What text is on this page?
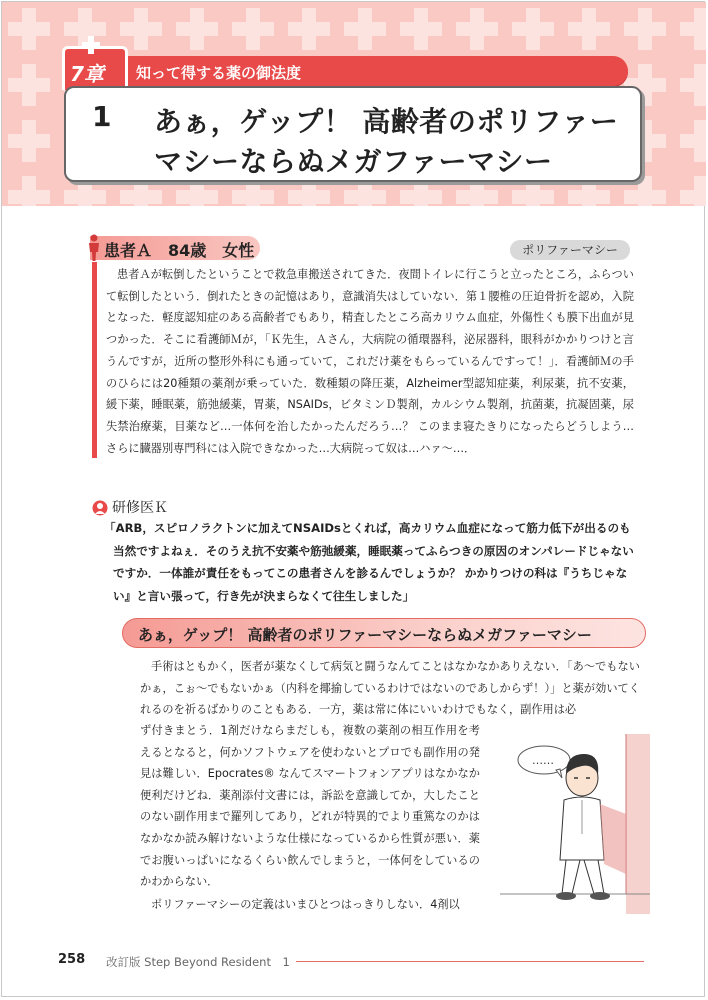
7章 知って得する薬の御法度
1 あぁ，ゲップ！ 高齢者のポリファー
マシーならぬメガファーマシー
患者Ａ　84歳　女性	ポリファーマシー

患者Ａが転倒したということで救急車搬送されてきた．夜間トイレに行こうと立ったところ，ふらついて転倒したという．倒れたときの記憶はあり，意識消失はしていない．第１腰椎の圧迫骨折を認め，入院となった．軽度認知症のある高齢者でもあり，精査したところ高カリウム血症，外傷性くも膜下出血が見つかった．そこに看護師Ｍが，「Ｋ先生，Ａさん，大病院の循環器科，泌尿器科，眼科がかかりつけと言うんですが，近所の整形外科にも通っていて，これだけ薬をもらっているんですって！」．看護師Ｍの手のひらには20種類の薬剤が乗っていた．数種類の降圧薬，Alzheimer型認知症薬，利尿薬，抗不安薬，緩下薬，睡眠薬，筋弛緩薬，胃薬，NSAIDs，ビタミンＤ製剤，カルシウム製剤，抗菌薬，抗凝固薬，尿失禁治療薬，目薬など…一体何を治したかったんだろう…？ このまま寝たきりになったらどうしよう…さらに臓器別専門科には入院できなかった…大病院って奴は…ハァ〜…．

研修医Ｋ

「ARB，スピロノラクトンに加えてNSAIDsとくれば，高カリウム血症になって筋力低下が出るのも当然ですよねぇ．そのうえ抗不安薬や筋弛緩薬，睡眠薬ってふらつきの原因のオンパレードじゃないですか．一体誰が責任をもってこの患者さんを診るんでしょうか？ かかりつけの科は『うちじゃない』と言い張って，行き先が決まらなくて往生しました」

あぁ，ゲップ！ 高齢者のポリファーマシーならぬメガファーマシー

手術はともかく，医者が薬なくして病気と闘うなんてことはなかなかありえない．「あ〜でもないかぁ，こぉ〜でもないかぁ（内科を揶揄しているわけではないのであしからず！）」と薬が効いてくれるのを祈るばかりのこともある．一方，薬は常に体にいいわけでもなく，副作用は必

ず付きまとう．1剤だけならまだしも，複数の薬剤の相互作用を考えるとなると，何かソフトウェアを使わないとプロでも副作用の発見は難しい．Epocrates® なんてスマートフォンアプリはなかなか便利だけどね．薬剤添付文書には，訴訟を意識してか，大したことのない副作用まで羅列してあり，どれが特異的でより重篤なのかはなかなか読み解けないような仕様になっているから性質が悪い．薬でお腹いっぱいになるくらい飲んでしまうと，一体何をしているのかわからない．

ポリファーマシーの定義はいまひとつはっきりしない．4剤以

……
258 改訂版 Step Beyond Resident　1
